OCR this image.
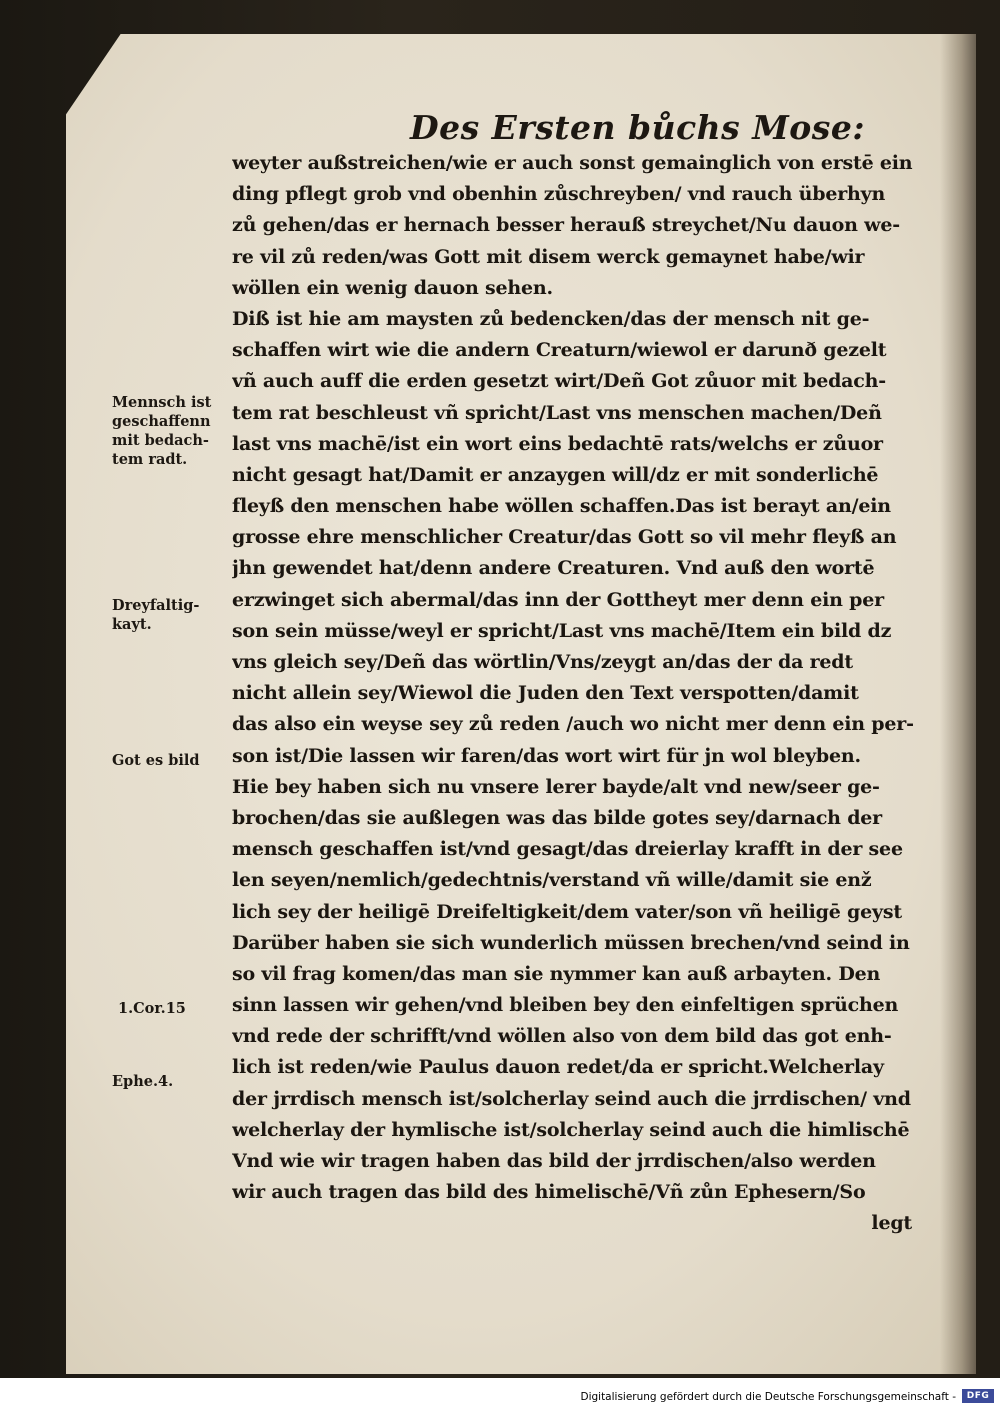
Des Ersten bůchs Mose:
weyter außstreichen/wie er auch sonst gemainglich von erstē ein
ding pflegt grob vnd obenhin zůschreyben/ vnd rauch überhyn
zů gehen/das er hernach besser herauß streychet/Nu dauon we-
re vil zů reden/was Gott mit disem werck gemaynet habe/wir
wöllen ein wenig dauon sehen.
Diß ist hie am maysten zů bedencken/das der mensch nit ge-
schaffen wirt wie die andern Creaturn/wiewol er darunð gezelt
vñ auch auff die erden gesetzt wirt/Deñ Got zůuor mit bedach-
tem rat beschleust vñ spricht/Last vns menschen machen/Deñ
last vns machē/ist ein wort eins bedachtē rats/welchs er zůuor
nicht gesagt hat/Damit er anzaygen will/dz er mit sonderlichē
fleyß den menschen habe wöllen schaffen.Das ist berayt an/ein
grosse ehre menschlicher Creatur/das Gott so vil mehr fleyß an
jhn gewendet hat/denn andere Creaturen. Vnd auß den wortē
erzwinget sich abermal/das inn der Gottheyt mer denn ein per
son sein müsse/weyl er spricht/Last vns machē/Item ein bild dz
vns gleich sey/Deñ das wörtlin/Vns/zeygt an/das der da redt
nicht allein sey/Wiewol die Juden den Text verspotten/damit
das also ein weyse sey zů reden /auch wo nicht mer denn ein per-
son ist/Die lassen wir faren/das wort wirt für jn wol bleyben.
Hie bey haben sich nu vnsere lerer bayde/alt vnd new/seer ge-
brochen/das sie außlegen was das bilde gotes sey/darnach der
mensch geschaffen ist/vnd gesagt/das dreierlay krafft in der see
len seyen/nemlich/gedechtnis/verstand vñ wille/damit sie enž
lich sey der heiligē Dreifeltigkeit/dem vater/son vñ heiligē geyst
Darüber haben sie sich wunderlich müssen brechen/vnd seind in
so vil frag komen/das man sie nymmer kan auß arbayten. Den
sinn lassen wir gehen/vnd bleiben bey den einfeltigen sprüchen
vnd rede der schrifft/vnd wöllen also von dem bild das got enh-
lich ist reden/wie Paulus dauon redet/da er spricht.Welcherlay
der jrrdisch mensch ist/solcherlay seind auch die jrrdischen/ vnd
welcherlay der hymlische ist/solcherlay seind auch die himlischē
Vnd wie wir tragen haben das bild der jrrdischen/also werden
wir auch tragen das bild des himelischē/Vñ zůn Ephesern/So
legt
Mennsch ist
geschaffenn
mit bedach-
tem radt.
Dreyfaltig-
kayt.
Got es bild
1.Cor.15
Ephe.4.
Digitalisierung gefördert durch die Deutsche Forschungsgemeinschaft -	DFG
